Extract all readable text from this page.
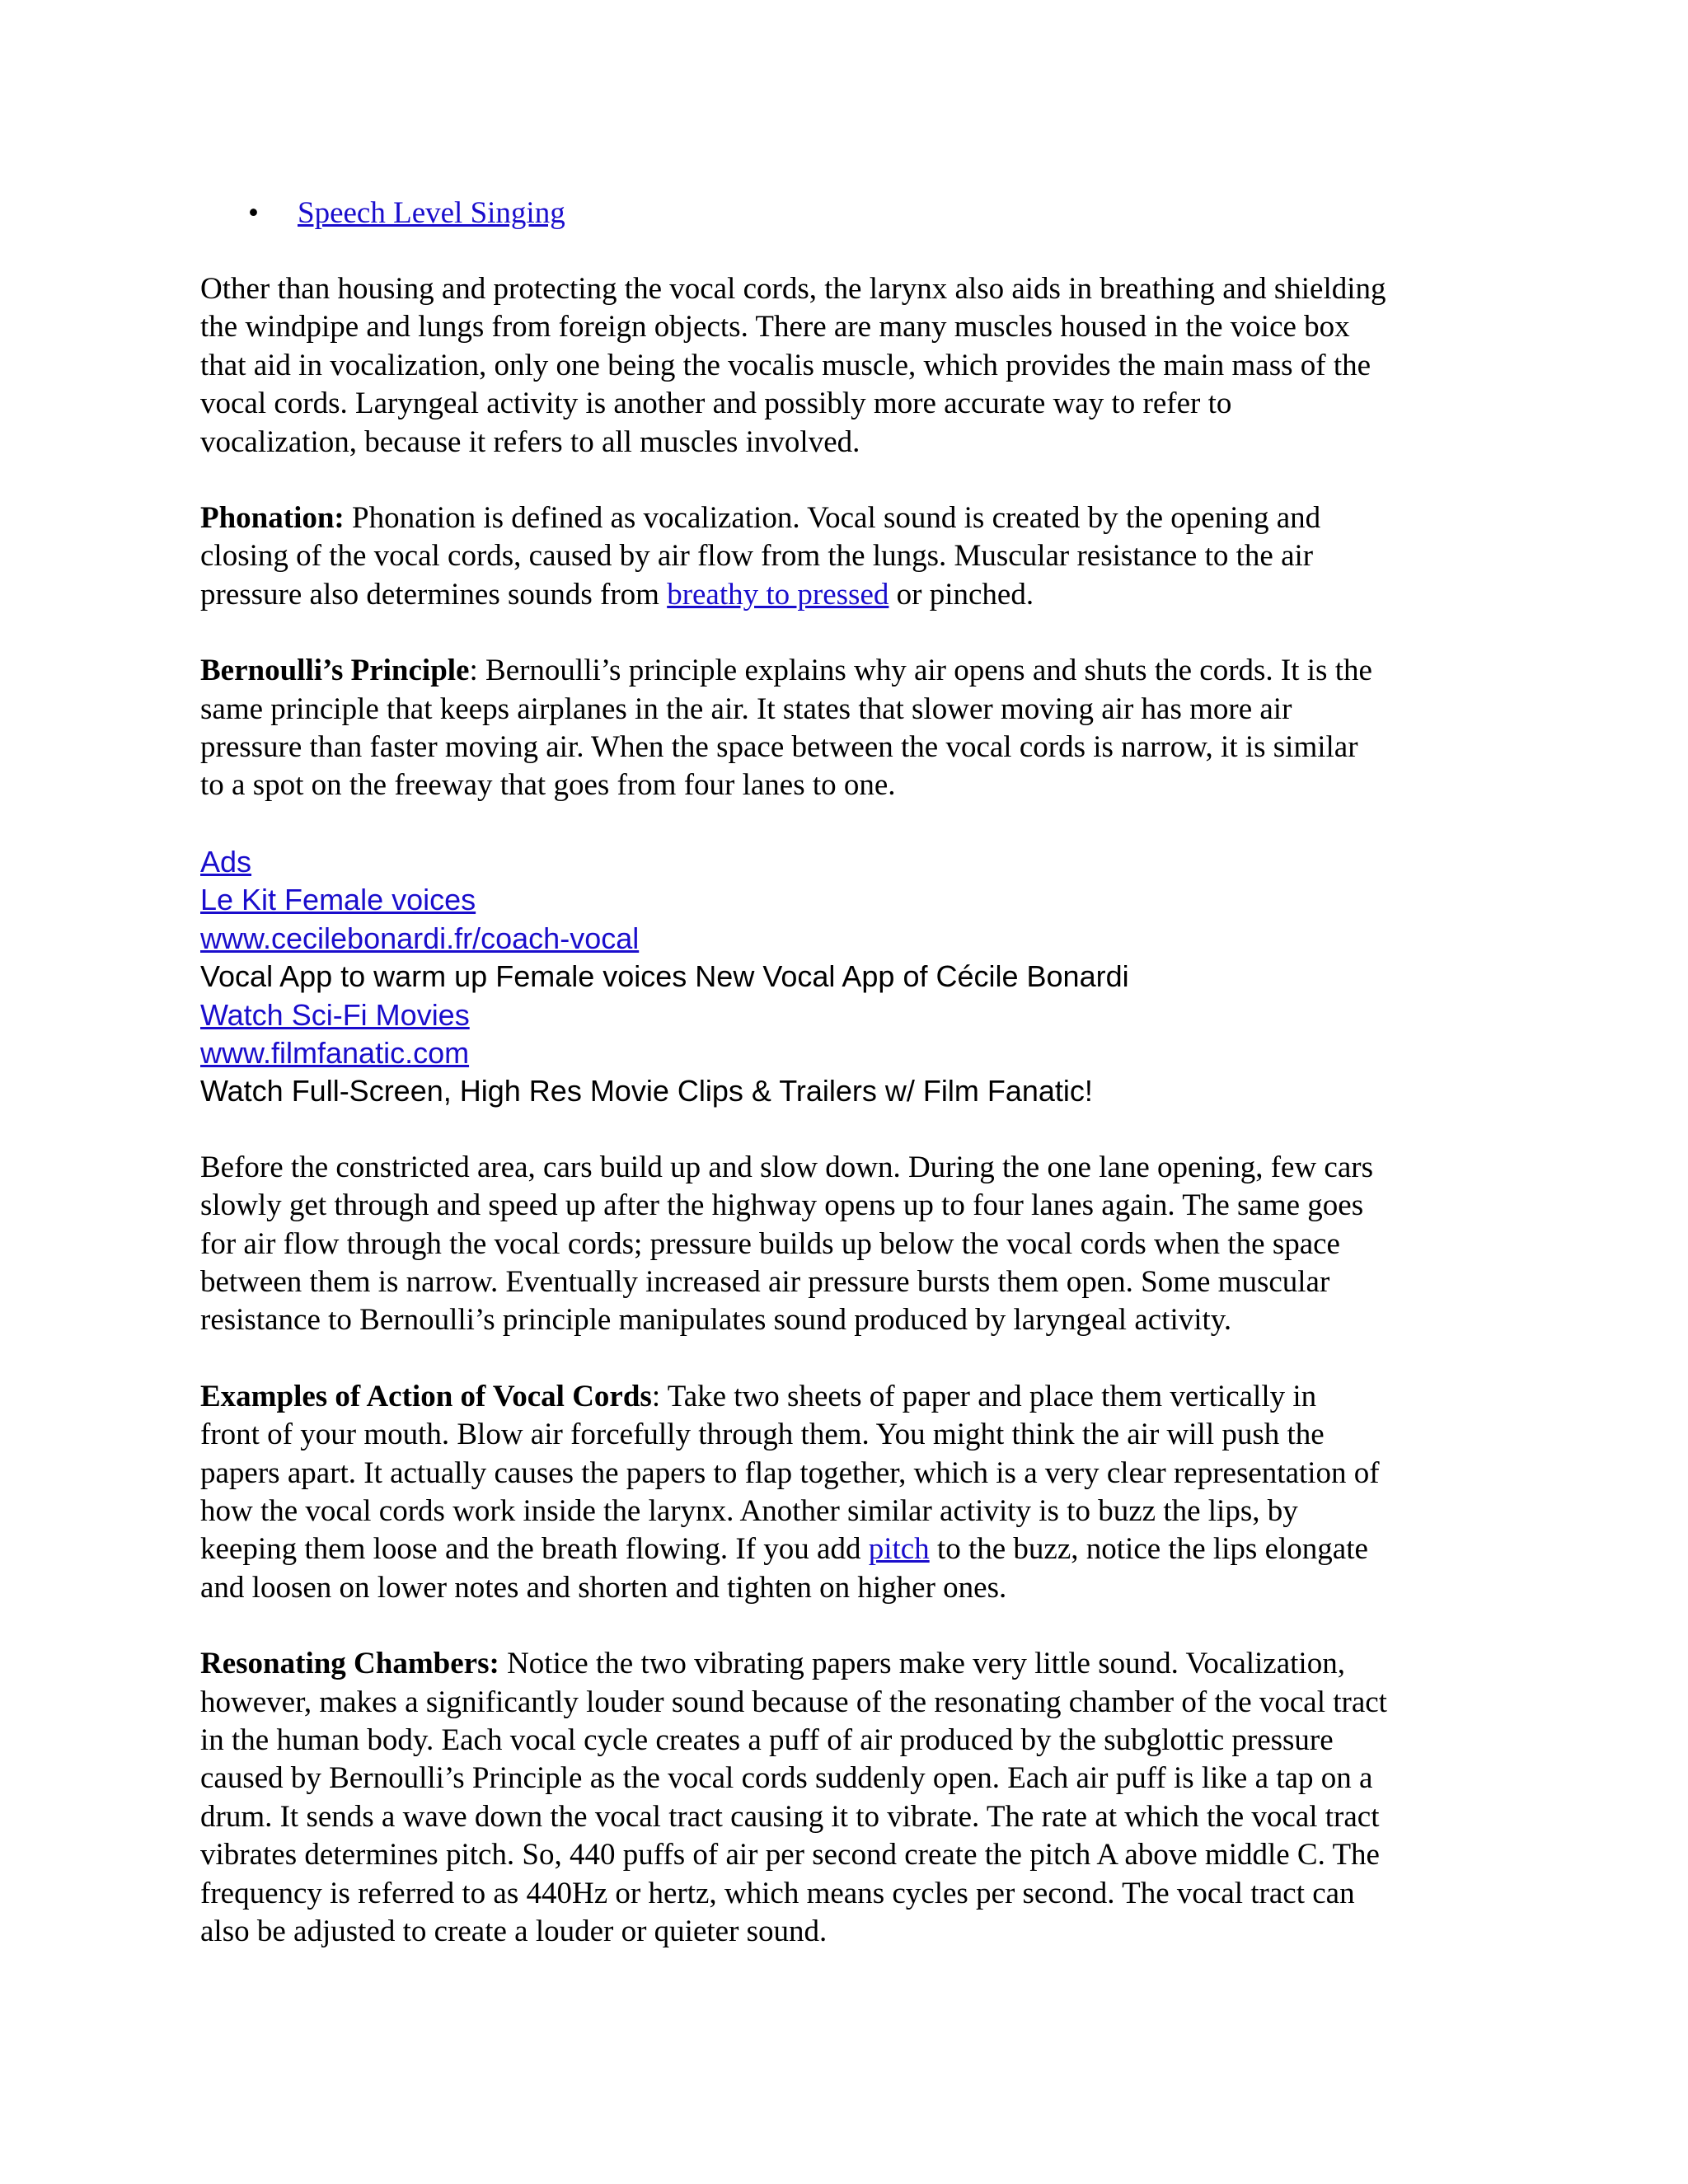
• Speech Level Singing
Other than housing and protecting the vocal cords, the larynx also aids in breathing and shielding
the windpipe and lungs from foreign objects. There are many muscles housed in the voice box
that aid in vocalization, only one being the vocalis muscle, which provides the main mass of the
vocal cords. Laryngeal activity is another and possibly more accurate way to refer to
vocalization, because it refers to all muscles involved.
Phonation: Phonation is defined as vocalization. Vocal sound is created by the opening and
closing of the vocal cords, caused by air flow from the lungs. Muscular resistance to the air
pressure also determines sounds from breathy to pressed or pinched.
Bernoulli’s Principle: Bernoulli’s principle explains why air opens and shuts the cords. It is the
same principle that keeps airplanes in the air. It states that slower moving air has more air
pressure than faster moving air. When the space between the vocal cords is narrow, it is similar
to a spot on the freeway that goes from four lanes to one.
Ads
Le Kit Female voices
www.cecilebonardi.fr/coach-vocal
Vocal App to warm up Female voices New Vocal App of Cécile Bonardi
Watch Sci-Fi Movies
www.filmfanatic.com
Watch Full-Screen, High Res Movie Clips & Trailers w/ Film Fanatic!
Before the constricted area, cars build up and slow down. During the one lane opening, few cars
slowly get through and speed up after the highway opens up to four lanes again. The same goes
for air flow through the vocal cords; pressure builds up below the vocal cords when the space
between them is narrow. Eventually increased air pressure bursts them open. Some muscular
resistance to Bernoulli’s principle manipulates sound produced by laryngeal activity.
Examples of Action of Vocal Cords: Take two sheets of paper and place them vertically in
front of your mouth. Blow air forcefully through them. You might think the air will push the
papers apart. It actually causes the papers to flap together, which is a very clear representation of
how the vocal cords work inside the larynx. Another similar activity is to buzz the lips, by
keeping them loose and the breath flowing. If you add pitch to the buzz, notice the lips elongate
and loosen on lower notes and shorten and tighten on higher ones.
Resonating Chambers: Notice the two vibrating papers make very little sound. Vocalization,
however, makes a significantly louder sound because of the resonating chamber of the vocal tract
in the human body. Each vocal cycle creates a puff of air produced by the subglottic pressure
caused by Bernoulli’s Principle as the vocal cords suddenly open. Each air puff is like a tap on a
drum. It sends a wave down the vocal tract causing it to vibrate. The rate at which the vocal tract
vibrates determines pitch. So, 440 puffs of air per second create the pitch A above middle C. The
frequency is referred to as 440Hz or hertz, which means cycles per second. The vocal tract can
also be adjusted to create a louder or quieter sound.
